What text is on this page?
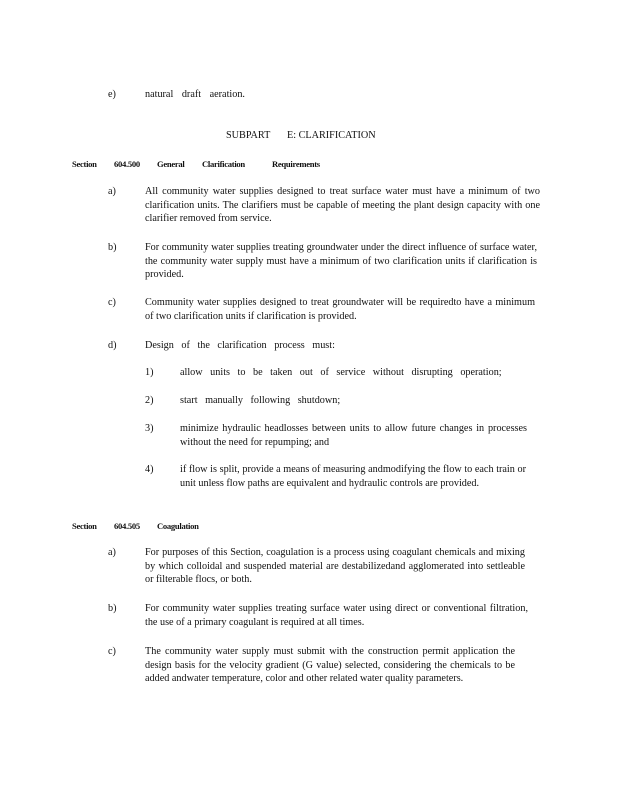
e)	natural draft aeration.
SUBPART E: CLARIFICATION
Section 604.500 General Clarification	Requirements
a)	All community water supplies designed to treat surface water must have a minimum of two clarification units. The clarifiers must be capable of meeting the plant design capacity with one clarifier removed from service.
b)	For community water supplies treating groundwater under the direct influence of surface water, the community water supply must have a minimum of two clarification units if clarification is provided.
c)	Community water supplies designed to treat groundwater will be requiredto have a minimum of two clarification units if clarification is provided.
d)	Design of the clarification process must:
1)	allow units to be taken out of service without disrupting operation;
2)	start manually following shutdown;
3)	minimize hydraulic headlosses between units to allow future changes in processes without the need for repumping; and
4)	if flow is split, provide a means of measuring andmodifying the flow to each train or unit unless flow paths are equivalent and hydraulic controls are provided.
Section 604.505 Coagulation
a)	For purposes of this Section, coagulation is a process using coagulant chemicals and mixing by which colloidal and suspended material are destabilizedand agglomerated into settleable or filterable flocs, or both.
b)	For community water supplies treating surface water using direct or conventional filtration, the use of a primary coagulant is required at all times.
c)	The community water supply must submit with the construction permit application the design basis for the velocity gradient (G value) selected, considering the chemicals to be added andwater temperature, color and other related water quality parameters.
